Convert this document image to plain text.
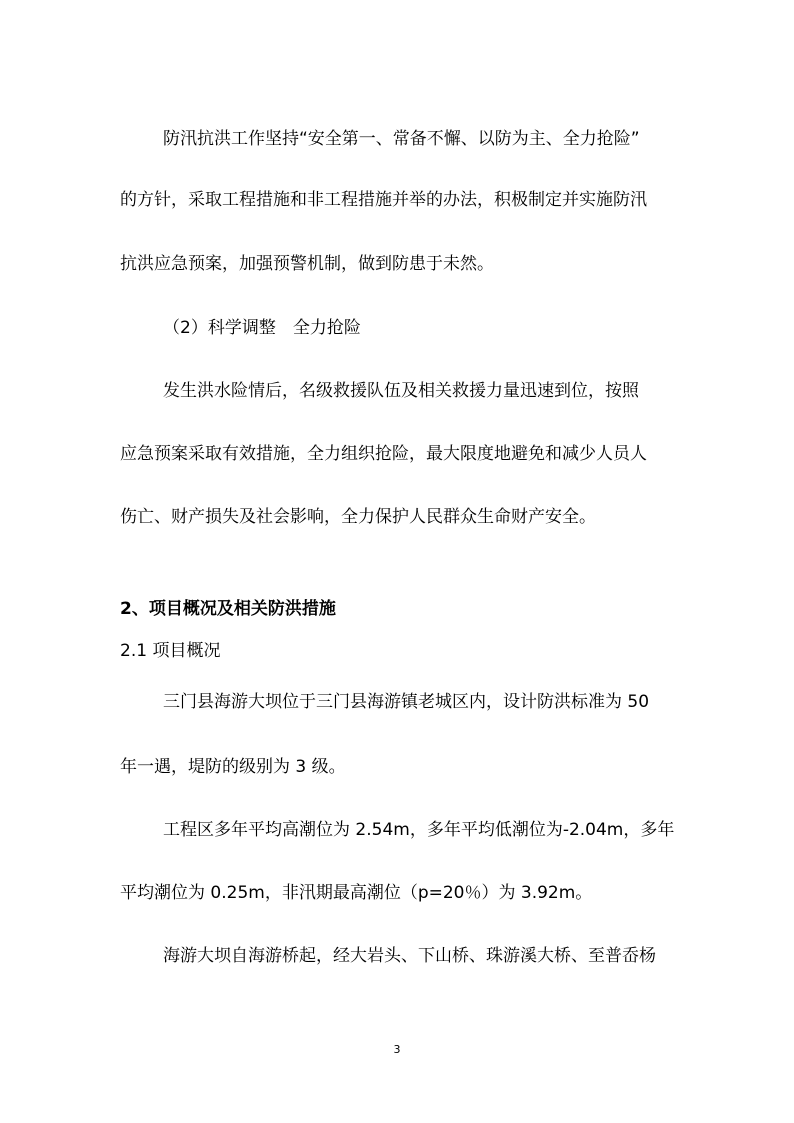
防汛抗洪工作坚持“安全第一、常备不懈、以防为主、全力抢险”
的方针，采取工程措施和非工程措施并举的办法，积极制定并实施防汛
抗洪应急预案，加强预警机制，做到防患于未然。
（2）科学调整　全力抢险
发生洪水险情后，名级救援队伍及相关救援力量迅速到位，按照
应急预案采取有效措施，全力组织抢险，最大限度地避免和减少人员人
伤亡、财产损失及社会影响，全力保护人民群众生命财产安全。
2、项目概况及相关防洪措施
2.1 项目概况
三门县海游大坝位于三门县海游镇老城区内，设计防洪标准为 50
年一遇，堤防的级别为 3 级。
工程区多年平均高潮位为 2.54m，多年平均低潮位为-2.04m，多年
平均潮位为 0.25m，非汛期最高潮位（p=20％）为 3.92m。
海游大坝自海游桥起，经大岩头、下山桥、珠游溪大桥、至普岙杨
3
